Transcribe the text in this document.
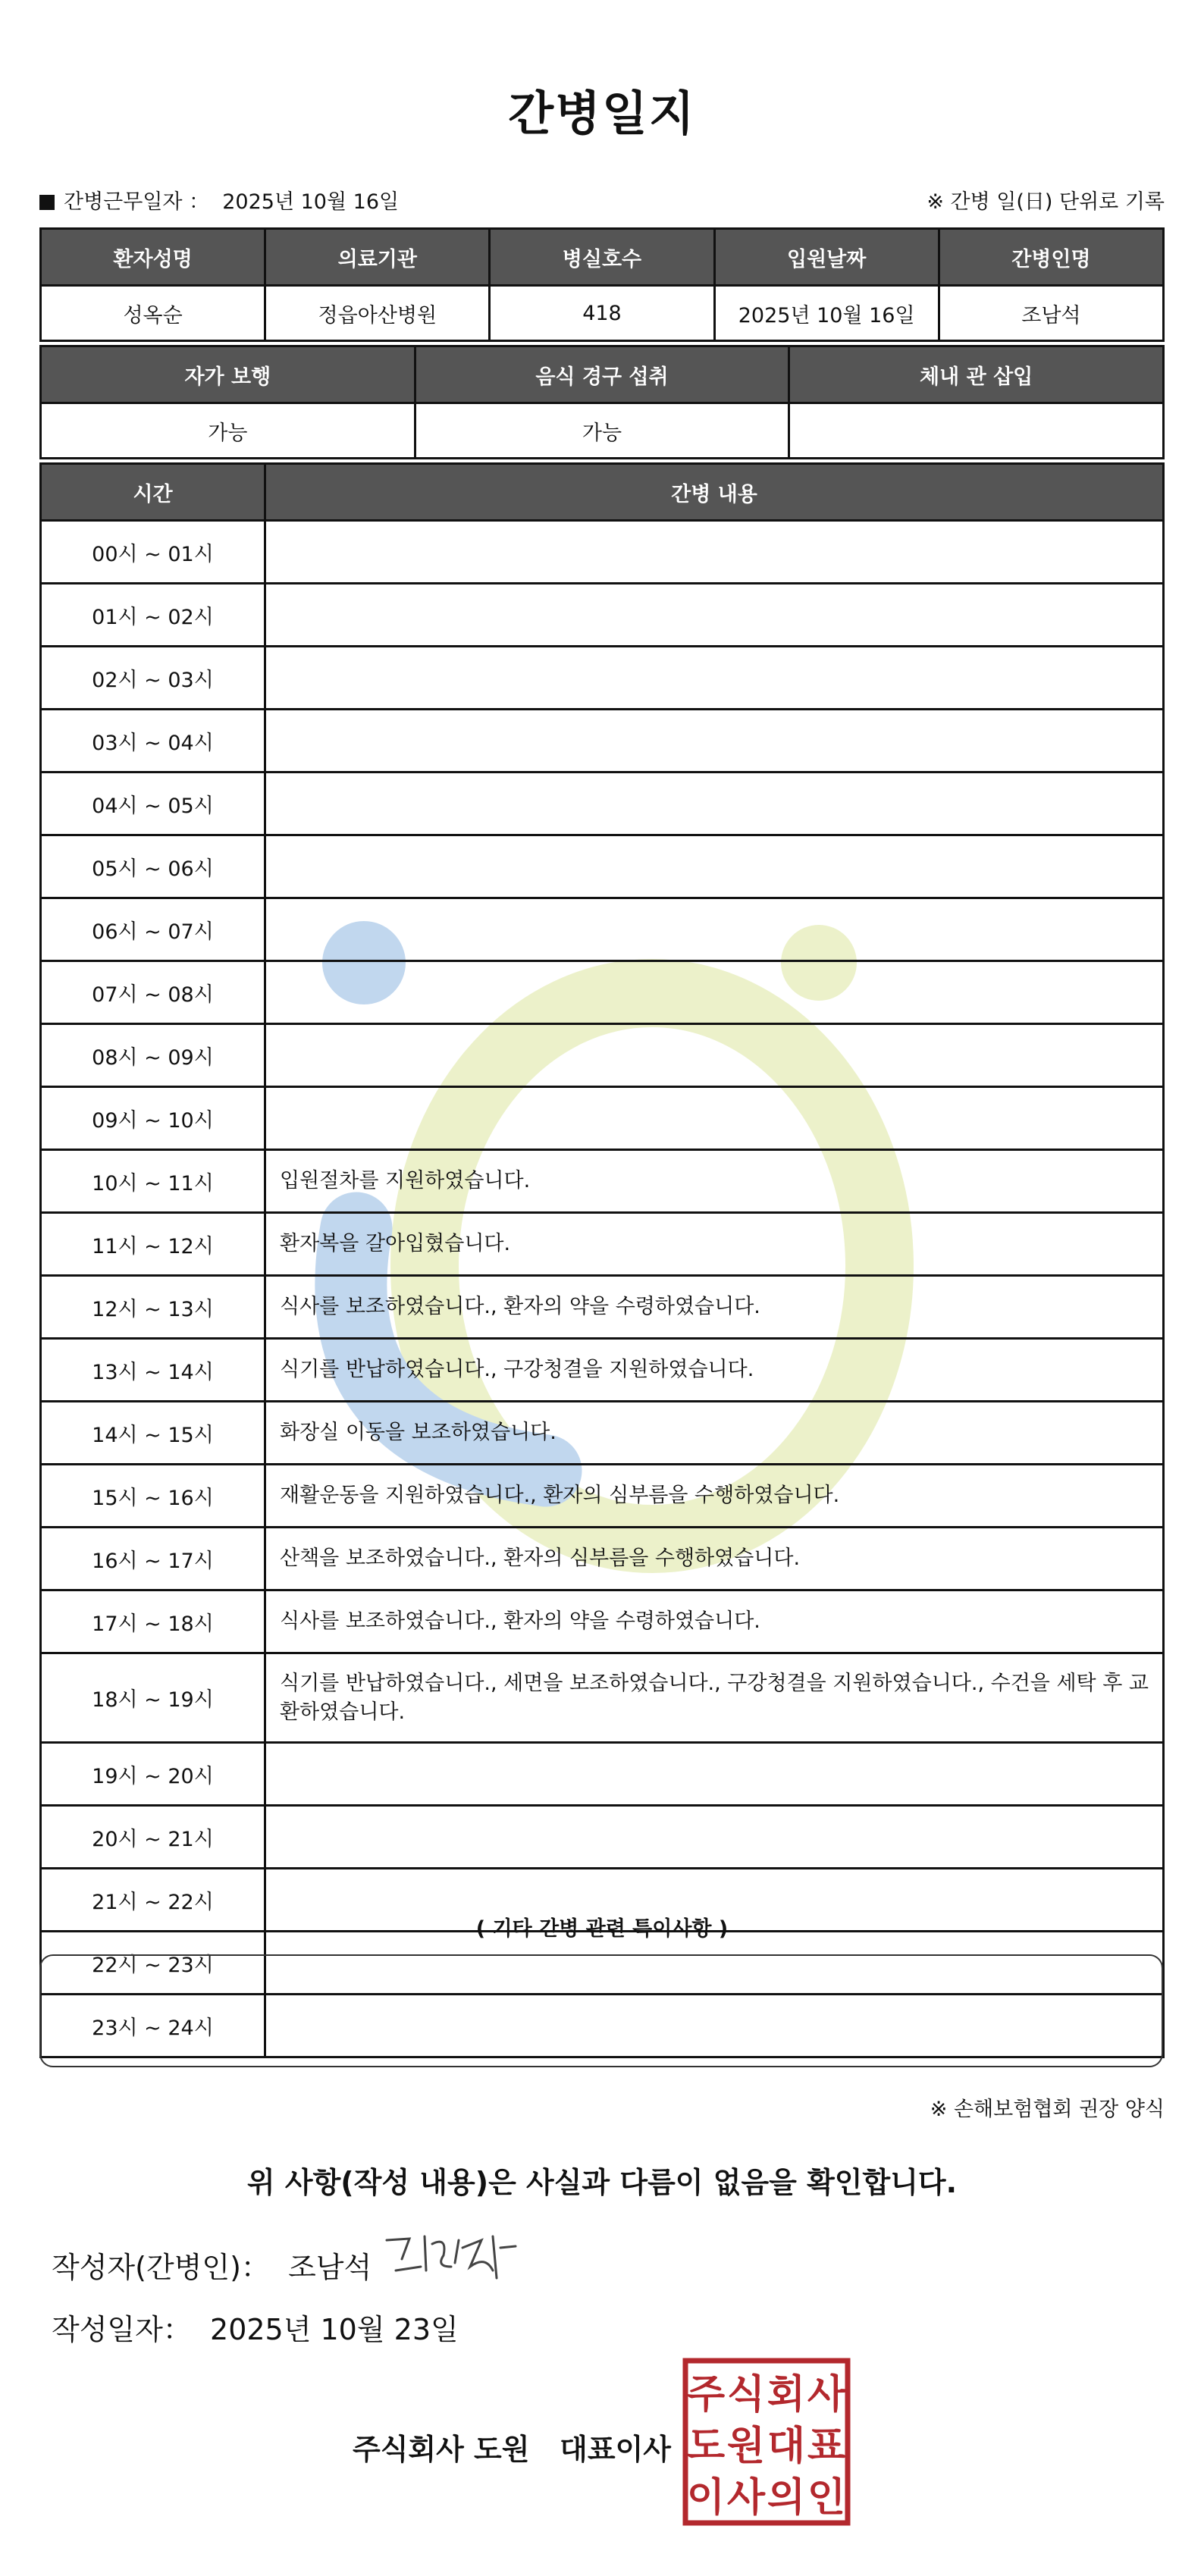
간병일지
간병근무일자 ： 2025년 10월 16일	※ 간병 일(日) 단위로 기록
환자성명	의료기관	병실호수	입원날짜	간병인명
성옥순	정읍아산병원	418	2025년 10월 16일	조남석
자가 보행	음식 경구 섭취	체내 관 삽입
가능	가능	
시간	간병 내용
00시 ~ 01시	
01시 ~ 02시	
02시 ~ 03시	
03시 ~ 04시	
04시 ~ 05시	
05시 ~ 06시	
06시 ~ 07시	
07시 ~ 08시	
08시 ~ 09시	
09시 ~ 10시	
10시 ~ 11시	입원절차를 지원하였습니다.
11시 ~ 12시	환자복을 갈아입혔습니다.
12시 ~ 13시	식사를 보조하였습니다., 환자의 약을 수령하였습니다.
13시 ~ 14시	식기를 반납하였습니다., 구강청결을 지원하였습니다.
14시 ~ 15시	화장실 이동을 보조하였습니다.
15시 ~ 16시	재활운동을 지원하였습니다., 환자의 심부름을 수행하였습니다.
16시 ~ 17시	산책을 보조하였습니다., 환자의 심부름을 수행하였습니다.
17시 ~ 18시	식사를 보조하였습니다., 환자의 약을 수령하였습니다.
18시 ~ 19시	식기를 반납하였습니다., 세면을 보조하였습니다., 구강청결을 지원하였습니다., 수건을 세탁 후 교환하였습니다.
19시 ~ 20시	
20시 ~ 21시	
21시 ~ 22시	
22시 ~ 23시	
23시 ~ 24시	
( 기타 간병 관련 특이사항 )
※ 손해보험협회 권장 양식
위 사항(작성 내용)은 사실과 다름이 없음을 확인합니다.
작성자(간병인)： 조남석
작성일자： 2025년 10월 23일
주식회사 도원   대표이사
주 식 회 사
도 원 대 표
이 사 의 인
